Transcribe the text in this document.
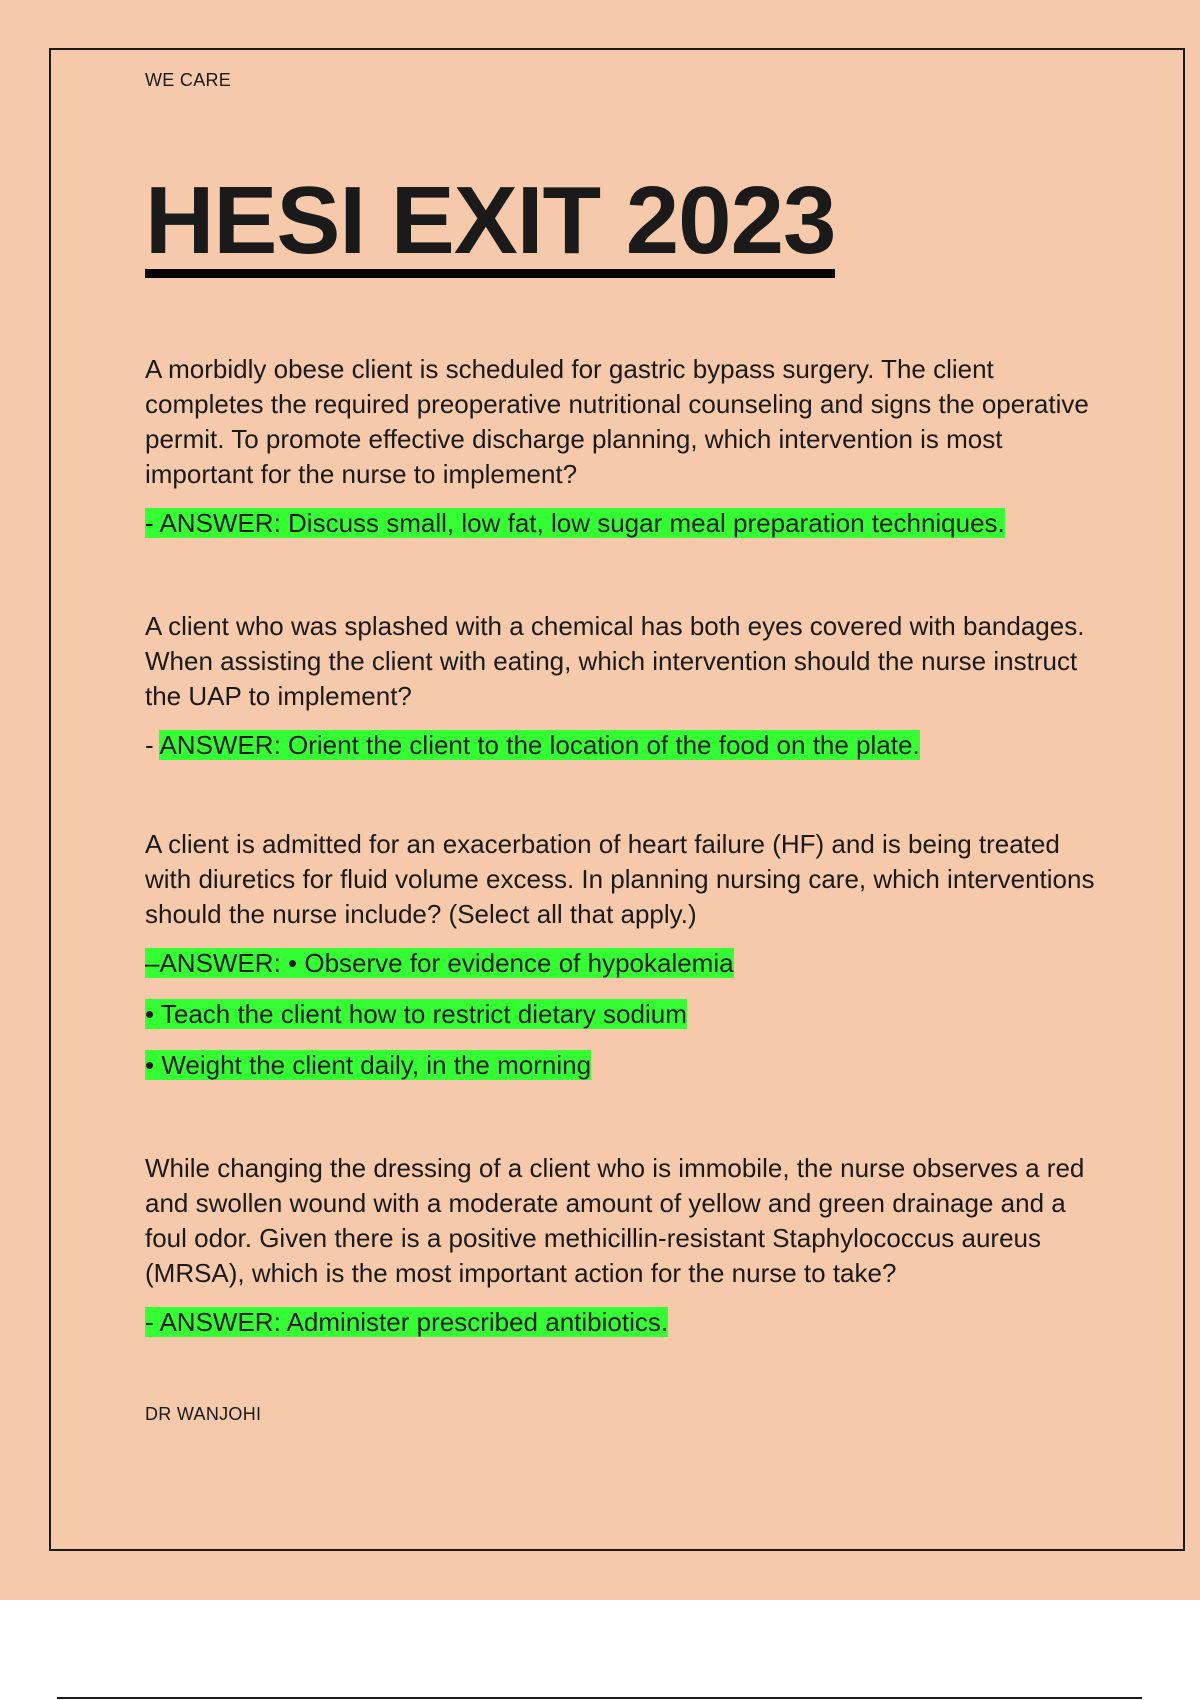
WE CARE

HESI EXIT 2023

A morbidly obese client is scheduled for gastric bypass surgery. The client completes the required preoperative nutritional counseling and signs the operative permit. To promote effective discharge planning, which intervention is most important for the nurse to implement?

- ANSWER: Discuss small, low fat, low sugar meal preparation techniques.

A client who was splashed with a chemical has both eyes covered with bandages. When assisting the client with eating, which intervention should the nurse instruct the UAP to implement?

- ANSWER: Orient the client to the location of the food on the plate.

A client is admitted for an exacerbation of heart failure (HF) and is being treated with diuretics for fluid volume excess. In planning nursing care, which interventions should the nurse include? (Select all that apply.)

–ANSWER: • Observe for evidence of hypokalemia

• Teach the client how to restrict dietary sodium

• Weight the client daily, in the morning

While changing the dressing of a client who is immobile, the nurse observes a red and swollen wound with a moderate amount of yellow and green drainage and a foul odor. Given there is a positive methicillin-resistant Staphylococcus aureus (MRSA), which is the most important action for the nurse to take?

- ANSWER: Administer prescribed antibiotics.

DR WANJOHI
